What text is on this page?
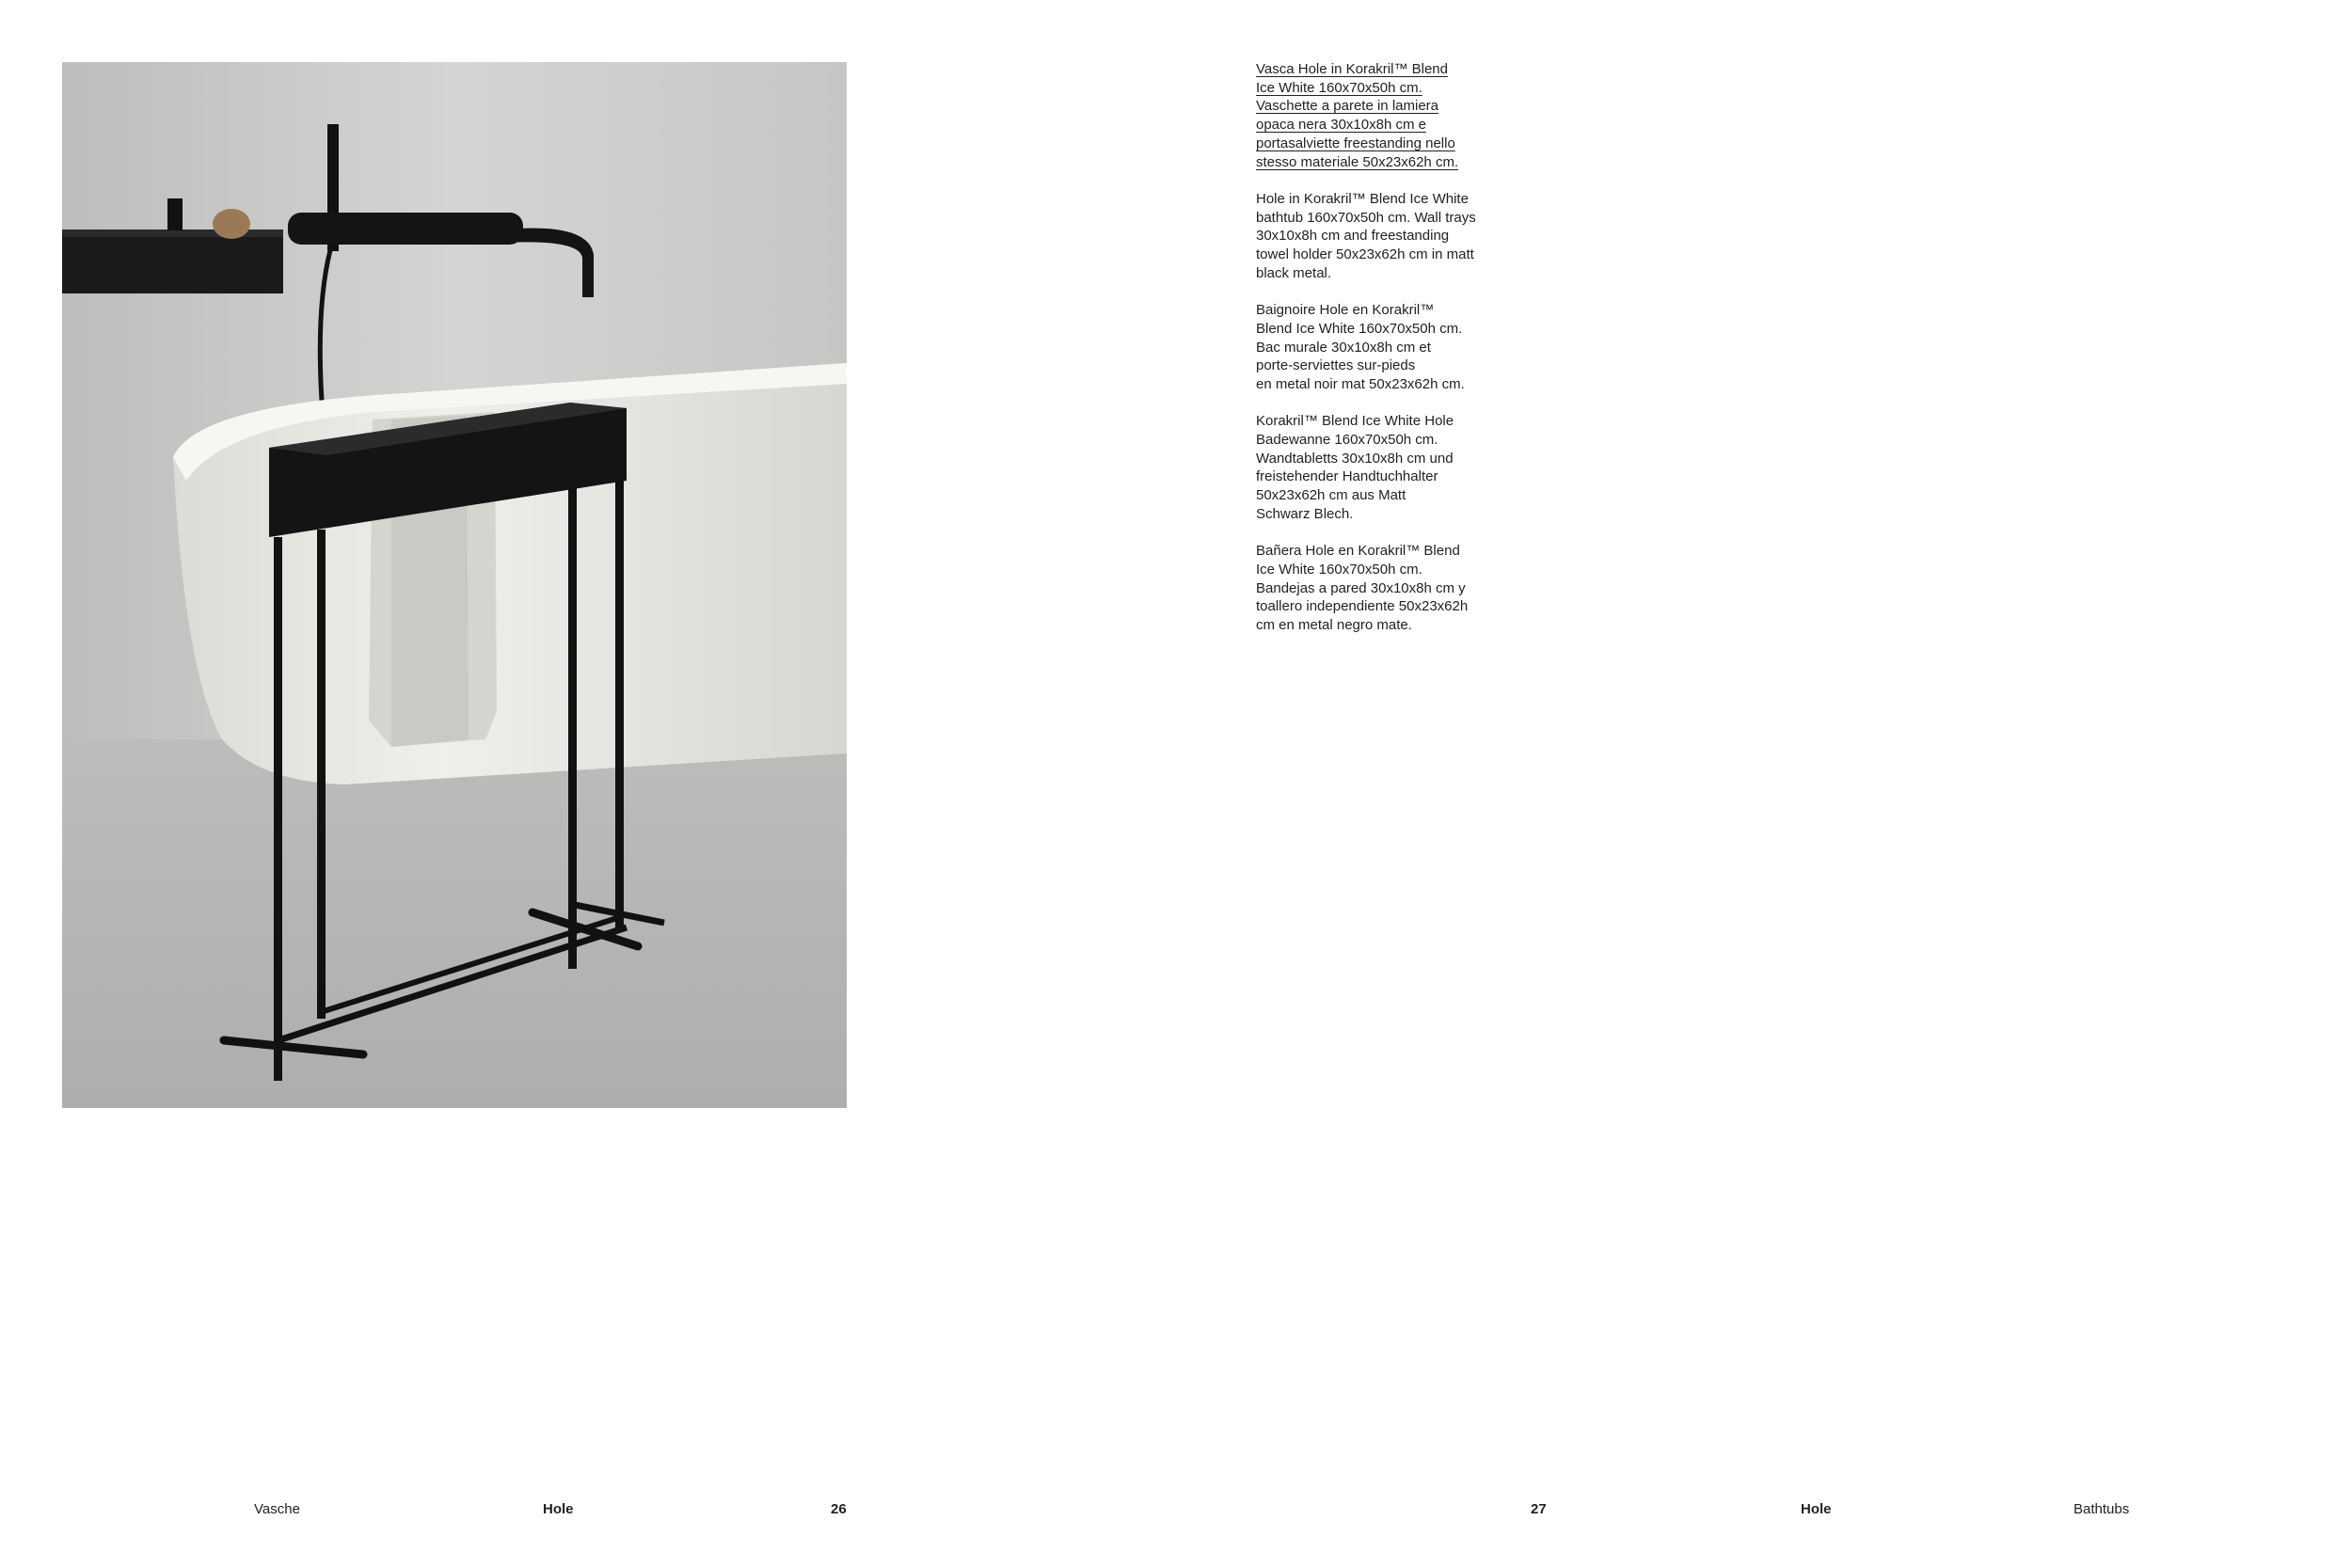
Vasca Hole in Korakril™ Blend
Ice White 160x70x50h cm.
Vaschette a parete in lamiera
opaca nera 30x10x8h cm e
portasalviette freestanding nello
stesso materiale 50x23x62h cm.

Hole in Korakril™ Blend Ice White
bathtub 160x70x50h cm. Wall trays
30x10x8h cm and freestanding
towel holder 50x23x62h cm in matt
black metal.

Baignoire Hole en Korakril™
Blend Ice White 160x70x50h cm.
Bac murale 30x10x8h cm et
porte-serviettes sur-pieds
en metal noir mat 50x23x62h cm.

Korakril™ Blend Ice White Hole
Badewanne 160x70x50h cm.
Wandtabletts 30x10x8h cm und
freistehender Handtuchhalter
50x23x62h cm aus Matt
Schwarz Blech.

Bañera Hole en Korakril™ Blend
Ice White 160x70x50h cm.
Bandejas a pared 30x10x8h cm y
toallero independiente 50x23x62h
cm en metal negro mate.

Vasche	Hole	26	27	Hole	Bathtubs
